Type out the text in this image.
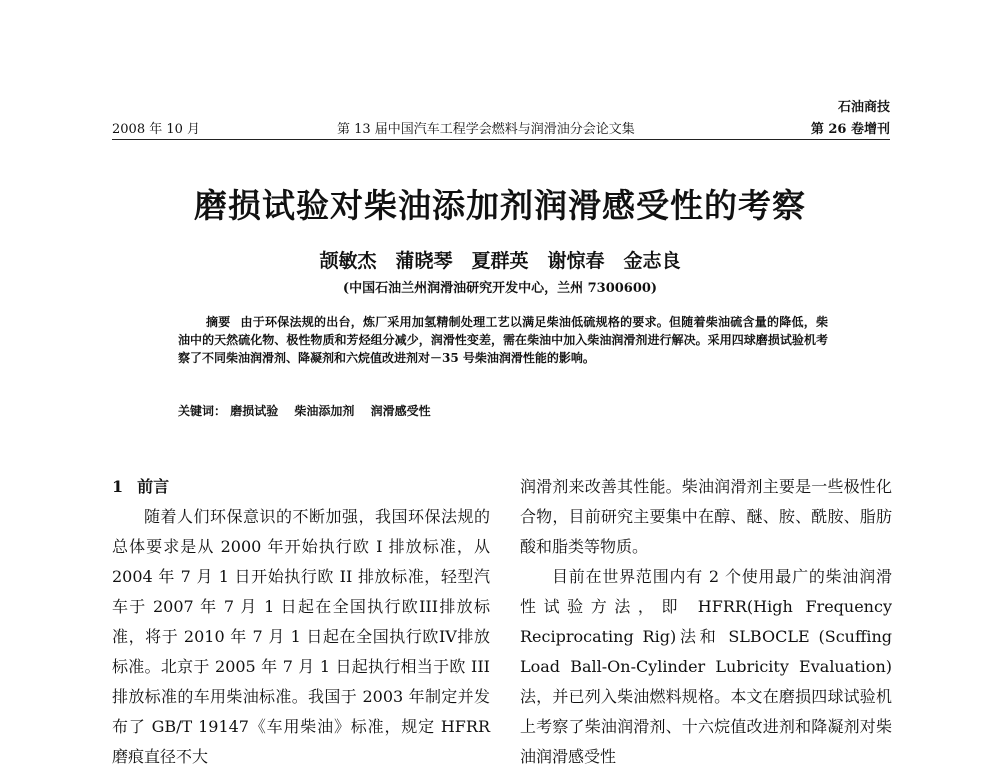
石油商技
2008 年 10 月	第 13 届中国汽车工程学会燃料与润滑油分会论文集	第 26 卷增刊
磨损试验对柴油添加剂润滑感受性的考察
颉敏杰　蒲晓琴　夏群英　谢惊春　金志良
(中国石油兰州润滑油研究开发中心，兰州 7300600)
摘要 由于环保法规的出台，炼厂采用加氢精制处理工艺以满足柴油低硫规格的要求。但随着柴油硫含量的降低，柴油中的天然硫化物、极性物质和芳烃组分减少，润滑性变差，需在柴油中加入柴油润滑剂进行解决。采用四球磨损试验机考察了不同柴油润滑剂、降凝剂和六烷值改进剂对－35 号柴油润滑性能的影响。
关键词： 磨损试验 柴油添加剂 润滑感受性
1 前言

随着人们环保意识的不断加强，我国环保法规的总体要求是从 2000 年开始执行欧 I 排放标准，从 2004 年 7 月 1 日开始执行欧 II 排放标准，轻型汽车于 2007 年 7 月 1 日起在全国执行欧III排放标准，将于 2010 年 7 月 1 日起在全国执行欧IV排放标准。北京于 2005 年 7 月 1 日起执行相当于欧 III 排放标准的车用柴油标准。我国于 2003 年制定并发布了 GB/T 19147《车用柴油》标准，规定 HFRR 磨痕直径不大

润滑剂来改善其性能。柴油润滑剂主要是一些极性化合物，目前研究主要集中在醇、醚、胺、酰胺、脂肪酸和脂类等物质。

目前在世界范围内有 2 个使用最广的柴油润滑性试验方法，即 HFRR(High Frequency Reciprocating Rig)法和 SLBOCLE (Scuffing Load Ball-On-Cylinder Lubricity Evaluation)法，并已列入柴油燃料规格。本文在磨损四球试验机上考察了柴油润滑剂、十六烷值改进剂和降凝剂对柴油润滑感受性
